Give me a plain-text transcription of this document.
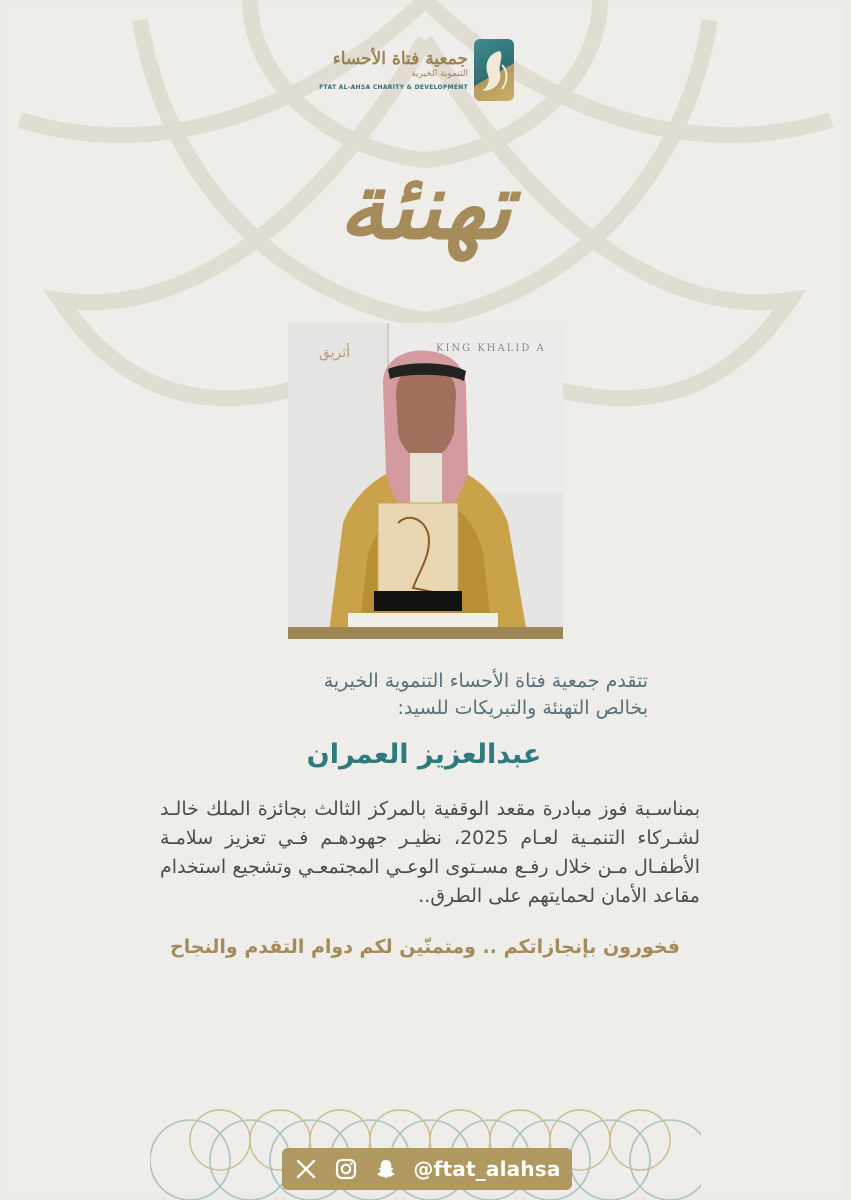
جمعية فتاة الأحساء
التنموية الخيرية
FTAT AL-AHSA CHARITY & DEVELOPMENT
تهنئة
أثريق	KING KHALID A
تتقدم جمعية فتاة الأحساء التنموية الخيرية
بخالص التهنئة والتبريكات للسيد:
عبدالعزيز العمران
بمناسـبة فوز مبادرة مقعد الوقفية بالمركز الثالث بجائزة الملك خالـد لشـركاء التنمـية لعـام 2025، نظيـر جهودهـم فـي تعزيز سلامـة الأطفـال مـن خلال رفـع مسـتوى الوعـي المجتمعـي وتشجيع استخدام مقاعد الأمان لحمايتهم على الطرق..
فخورون بإنجازاتكم .. ومتمنّين لكم دوام التقدم والنجاح
@ftat_alahsa
